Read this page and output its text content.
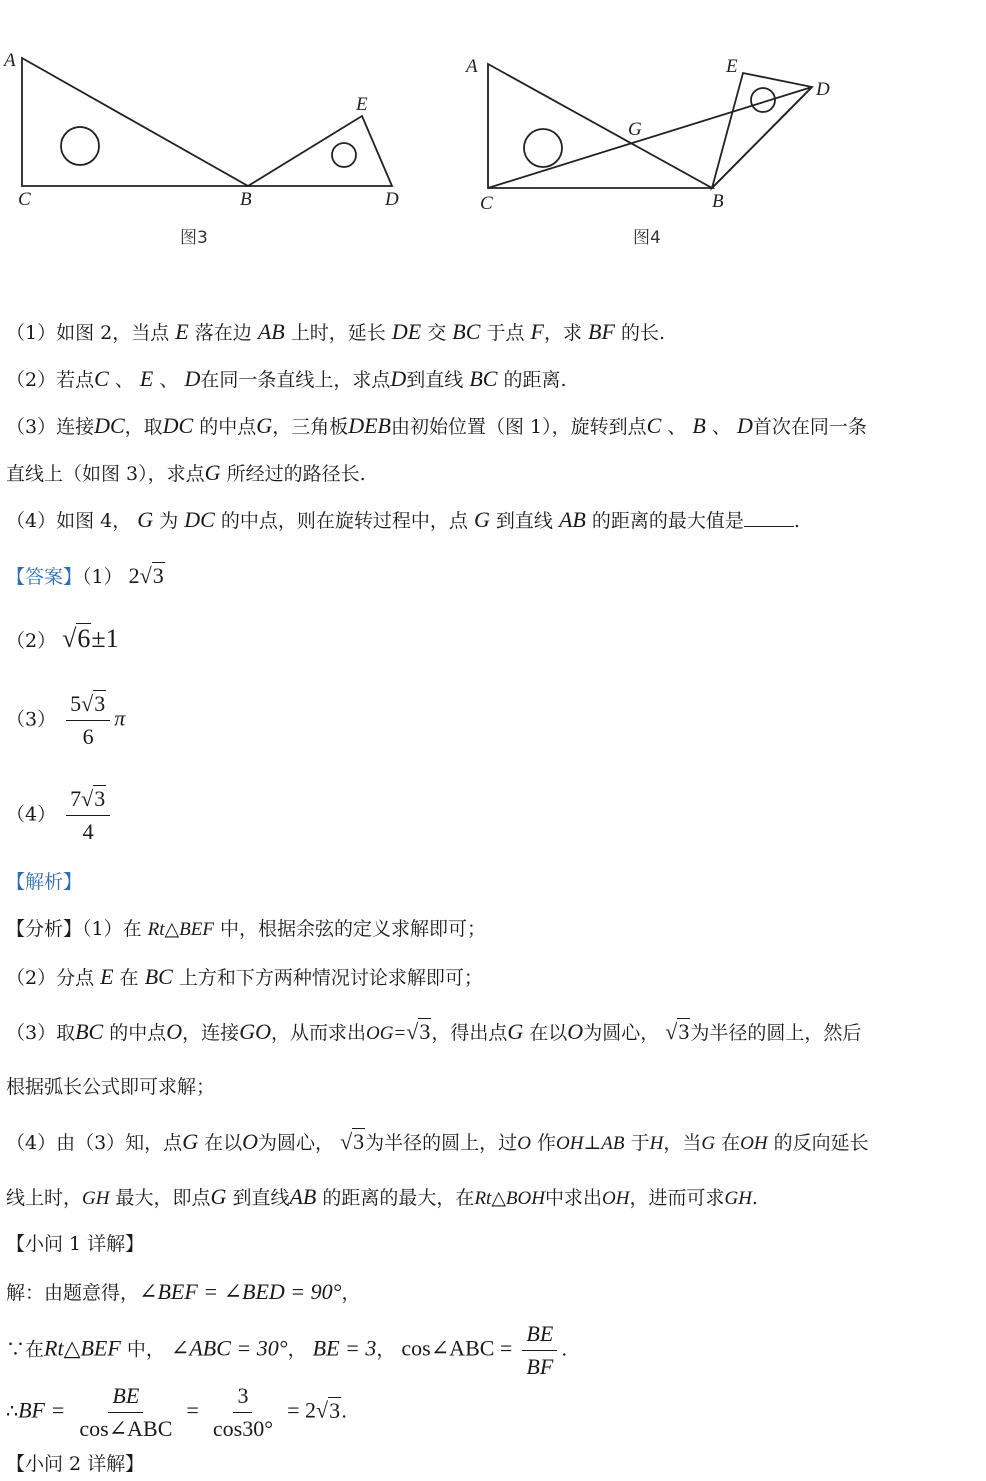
A
C	B	D
E
图3
A
C	B
D
E
G
图4
（1）如图 2，当点 E 落在边 AB 上时，延长 DE 交 BC 于点 F，求 BF 的长.
（2）若点C 、 E 、 D在同一条直线上，求点D到直线 BC 的距离.
（3）连接DC，取DC 的中点G，三角板DEB由初始位置（图 1），旋转到点C 、 B 、 D首次在同一条
直线上（如图 3），求点G 所经过的路径长.
（4）如图 4， G 为 DC 的中点，则在旋转过程中，点 G 到直线 AB 的距离的最大值是	.
【答案】（1） 2√3
（2） √6±1
$(3) \frac{5√3}{6}$ π
$(4) \frac{7√3}{4}$
【解析】
【分析】（1）在 Rt△BEF 中，根据余弦的定义求解即可；
（2）分点 E 在 BC 上方和下方两种情况讨论求解即可；
（3）取BC 的中点O，连接GO，从而求出OG=√3，得出点G 在以O为圆心， √3为半径的圆上，然后
根据弧长公式即可求解；
（4）由（3）知，点G 在以O为圆心， √3为半径的圆上，过O 作OH⊥AB 于H，当G 在OH 的反向延长
线上时，GH 最大，即点G 到直线AB 的距离的最大，在Rt△BOH中求出OH，进而可求GH.
【小问 1 详解】
解：由题意得，∠BEF = ∠BED = 90°，
∵在Rt△BEF 中， ∠ABC = 30°， BE = 3， cos∠ABC = $\frac{BE}{BF}$ .
∴BF = $\frac{BE}{\text{cos∠ABC}} = \frac{3}{\cos 30^\circ} = 2√3$.
【小问 2 详解】
